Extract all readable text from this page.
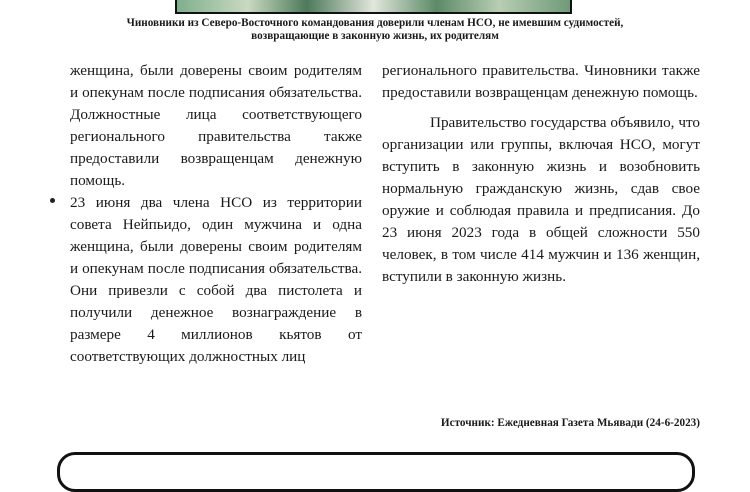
Чиновники из Северо-Восточного командования доверили членам НСО, не имевшим судимостей,
возвращающие в законную жизнь, их родителям

женщина, были доверены своим родителям и опекунам после подписания обязательства. Должностные лица соответствующего регионального правительства также предоставили возвращенцам денежную помощь.

23 июня два члена НСО из территории совета Нейпьидо, один мужчина и одна женщина, были доверены своим родителям и опекунам после подписания обязательства. Они привезли с собой два пистолета и получили денежное вознаграждение в размере 4 миллионов кьятов от соответствующих должностных лиц

регионального правительства. Чиновники также предоставили возвращенцам денежную помощь.

Правительство государства объявило, что организации или группы, включая НСО, могут вступить в законную жизнь и возобновить нормальную гражданскую жизнь, сдав свое оружие и соблюдая правила и предписания. До 23 июня 2023 года в общей сложности 550 человек, в том числе 414 мужчин и 136 женщин, вступили в законную жизнь.

Источник: Ежедневная Газета Мьявади (24-6-2023)
